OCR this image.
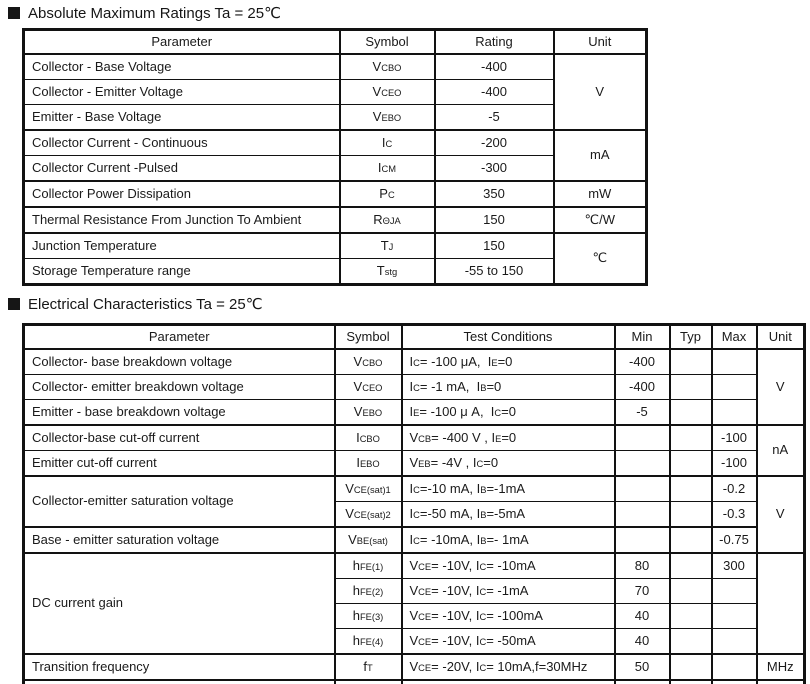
Absolute Maximum Ratings Ta = 25℃
Parameter	Symbol	Rating	Unit
Collector - Base Voltage	VCBO	-400	V
Collector - Emitter Voltage	VCEO	-400	
Emitter - Base Voltage	VEBO	-5	
Collector Current - Continuous	IC	-200	mA
Collector Current -Pulsed	ICM	-300	
Collector Power Dissipation	PC	350	mW
Thermal Resistance From Junction To Ambient	RΘJA	150	℃/W
Junction Temperature	TJ	150	℃
Storage Temperature range	Tstg	-55 to 150	
Electrical Characteristics Ta = 25℃
Parameter	Symbol	Test Conditions	Min	Typ	Max	Unit
Collector- base breakdown voltage	VCBO	IC= -100 μA,  IE=0	-400			V
Collector- emitter breakdown voltage	VCEO	IC= -1 mA,  IB=0	-400			
Emitter - base breakdown voltage	VEBO	IE= -100 μ A,  IC=0	-5			
Collector-base cut-off current	ICBO	VCB= -400 V , IE=0			-100	nA
Emitter cut-off current	IEBO	VEB= -4V , IC=0			-100	
Collector-emitter saturation voltage	VCE(sat)1	IC=-10 mA, IB=-1mA			-0.2	V
	VCE(sat)2	IC=-50 mA, IB=-5mA			-0.3	
Base - emitter saturation voltage	VBE(sat)	IC= -10mA, IB=- 1mA			-0.75	
DC current gain	hFE(1)	VCE= -10V, IC= -10mA	80		300	
	hFE(2)	VCE= -10V, IC= -1mA	70			
	hFE(3)	VCE= -10V, IC= -100mA	40			
	hFE(4)	VCE= -10V, IC= -50mA	40			
Transition frequency	fT	VCE= -20V, IC= 10mA,f=30MHz	50			MHz
